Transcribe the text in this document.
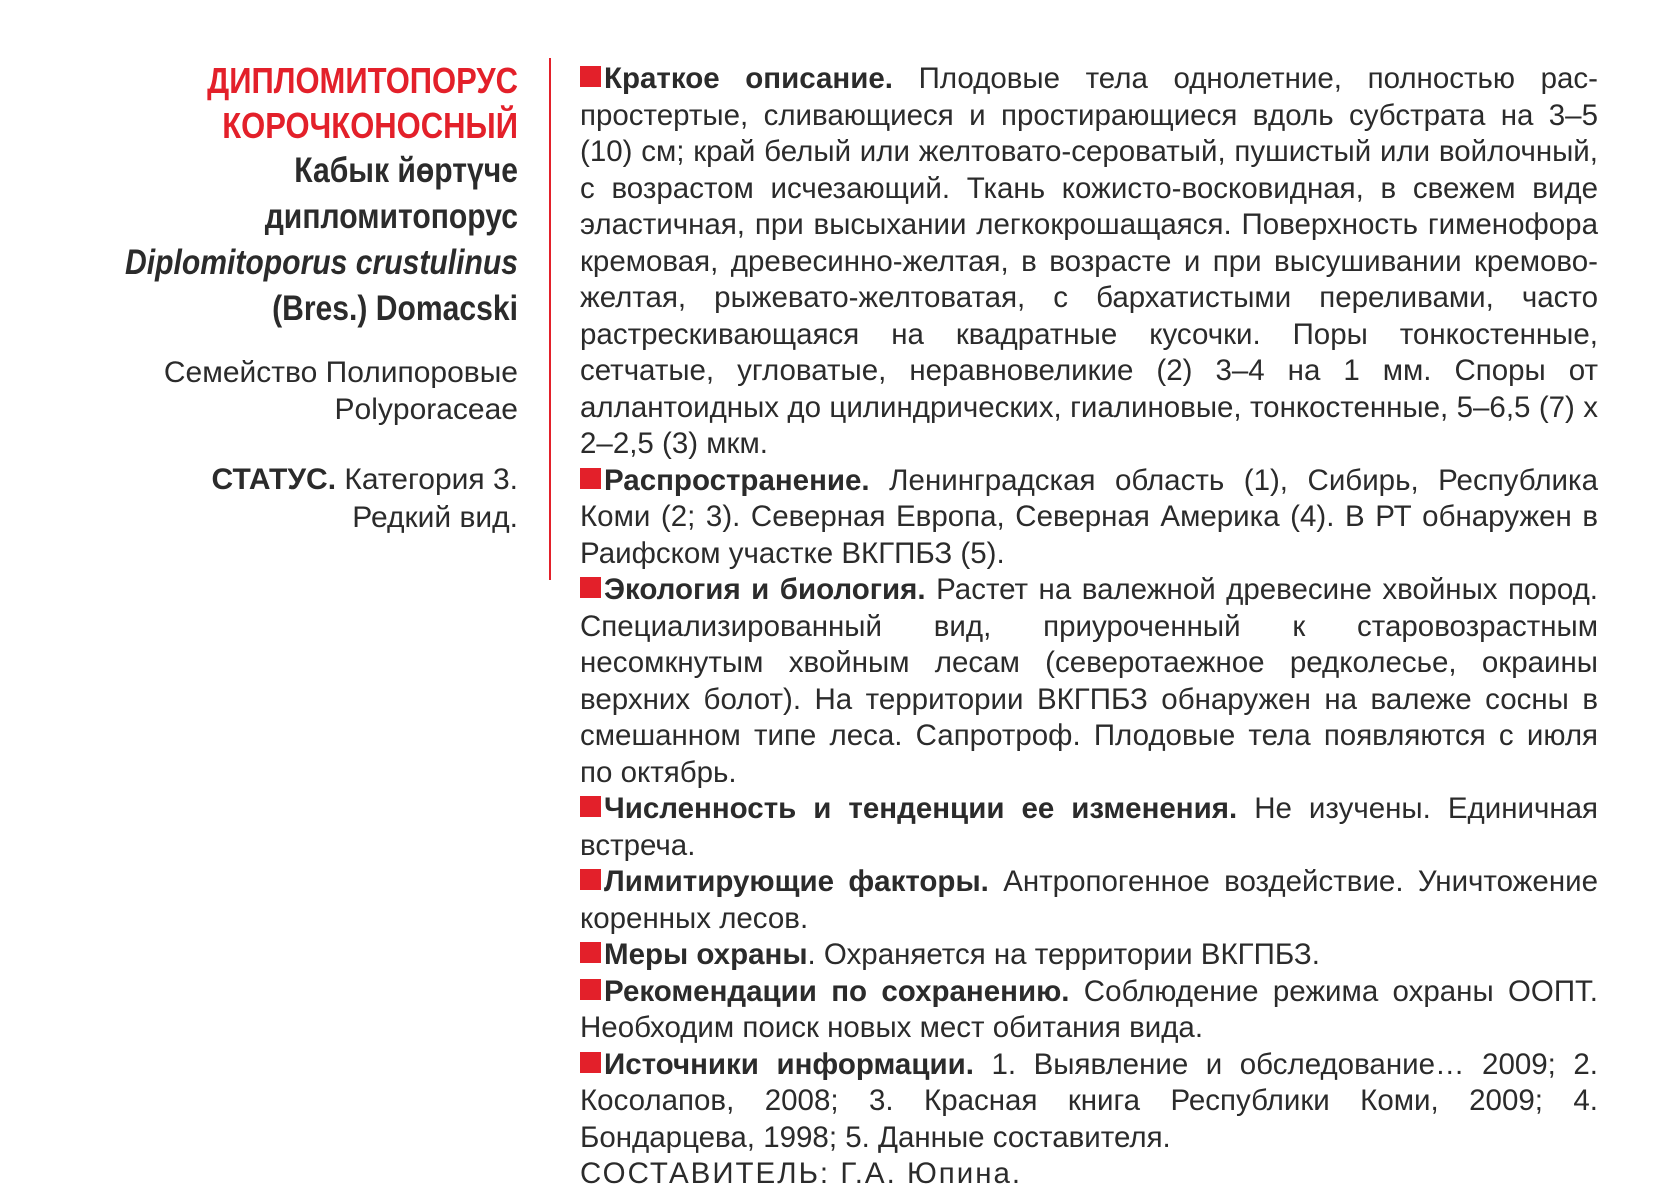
ДИПЛОМИТОПОРУС
КОРОЧКОНОСНЫЙ
Кабык йөртүче
дипломитопорус
Diplomitoporus crustulinus
(Bres.) Domacski
Семейство Полипоровые
Polyporaceae
СТАТУС. Категория 3.
Редкий вид.

Краткое описание. Плодовые тела однолетние, полностью распростертые, сливающиеся и простирающиеся вдоль субстрата на 3–5 (10) см; край белый или желтовато-сероватый, пушистый или войлочный, с возрастом исчезающий. Ткань кожисто-восковидная, в свежем виде эластичная, при высыхании легкокрошащаяся. Поверхность гименофора кремовая, древесинно-желтая, в возрасте и при высушивании кремово-желтая, рыжевато-желтоватая, с бархатистыми переливами, часто растрескивающаяся на квадратные кусочки. Поры тонкостенные, сетчатые, угловатые, неравновеликие (2) 3–4 на 1 мм. Споры от аллантоидных до цилиндрических, гиалиновые, тонкостенные, 5–6,5 (7) х 2–2,5 (3) мкм.

Распространение. Ленинградская область (1), Сибирь, Республика Коми (2; 3). Северная Европа, Северная Америка (4). В РТ обнаружен в Раифском участке ВКГПБЗ (5).

Экология и биология. Растет на валежной древесине хвойных пород. Специализированный вид, приуроченный к старовозрастным несомкнутым хвойным лесам (северотаежное редколесье, окраины верхних болот). На территории ВКГПБЗ обнаружен на валеже сосны в смешанном типе леса. Сапротроф. Плодовые тела появляются с июля по октябрь.

Численность и тенденции ее изменения. Не изучены. Единичная встреча.

Лимитирующие факторы. Антропогенное воздействие. Уничтожение коренных лесов.

Меры охраны. Охраняется на территории ВКГПБЗ.

Рекомендации по сохранению. Соблюдение режима охраны ООПТ. Необходим поиск новых мест обитания вида.

Источники информации. 1. Выявление и обследование… 2009; 2. Косолапов, 2008; 3. Красная книга Республики Коми, 2009; 4. Бондарцева, 1998; 5. Данные составителя.

СОСТАВИТЕЛЬ: Г.А. Юпина.
